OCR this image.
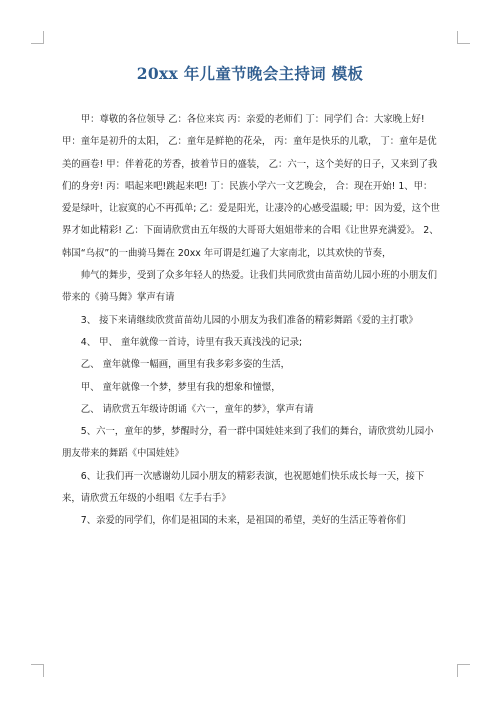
20xx 年儿童节晚会主持词 模板

甲：尊敬的各位领导 乙：各位来宾 丙：亲爱的老师们 丁：同学们 合：大家晚上好! 甲：童年是初升的太阳， 乙：童年是鲜艳的花朵， 丙：童年是快乐的儿歌， 丁：童年是优美的画卷! 甲：伴着花的芳香，披着节日的盛装， 乙：六一，这个美好的日子，又来到了我们的身旁! 丙：唱起来吧!跳起来吧! 丁：民族小学六一文艺晚会， 合：现在开始! 1、甲：爱是绿叶，让寂寞的心不再孤单; 乙：爱是阳光，让凄冷的心感受温暖; 甲：因为爱，这个世界才如此精彩! 乙：下面请欣赏由五年级的大哥哥大姐姐带来的合唱《让世界充满爱》。 2、韩国“乌叔”的一曲骑马舞在 20xx 年可谓是红遍了大家南北，以其欢快的节奏，

帅气的舞步，受到了众多年轻人的热爱。让我们共同欣赏由苗苗幼儿园小班的小朋友们带来的《骑马舞》掌声有请

3、 接下来请继续欣赏苗苗幼儿园的小朋友为我们准备的精彩舞蹈《爱的主打歌》

4、 甲、 童年就像一首诗，诗里有我天真浅浅的记录;

乙、 童年就像一幅画，画里有我多彩多姿的生活，

甲、 童年就像一个梦，梦里有我的想象和憧憬，

乙、 请欣赏五年级诗朗诵《六一，童年的梦》，掌声有请

5、六一，童年的梦，梦醒时分，看一群中国娃娃来到了我们的舞台，请欣赏幼儿园小朋友带来的舞蹈《中国娃娃》

6、让我们再一次感谢幼儿园小朋友的精彩表演，也祝愿她们快乐成长每一天，接下来，请欣赏五年级的小组唱《左手右手》

7、亲爱的同学们，你们是祖国的未来，是祖国的希望，美好的生活正等着你们
